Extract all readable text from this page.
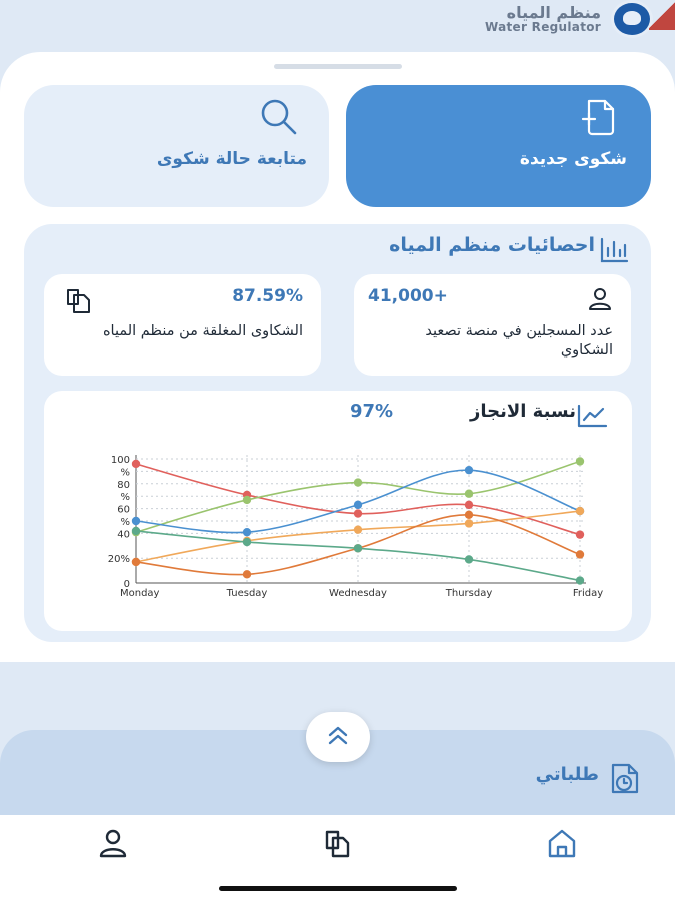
منظم المياه
Water Regulator
شكوى جديدة
متابعة حالة شكوى
احصائيات منظم المياه
41,000+
عدد المسجلين في منصة تصعيد الشكاوي
87.59%
الشكاوى المغلقة من منظم المياه
100
%
80
%
60
%
40
20%
0
Monday	Tuesday	Wednesday	Thursday	Friday
نسبة الانجاز
97%
طلباتي
